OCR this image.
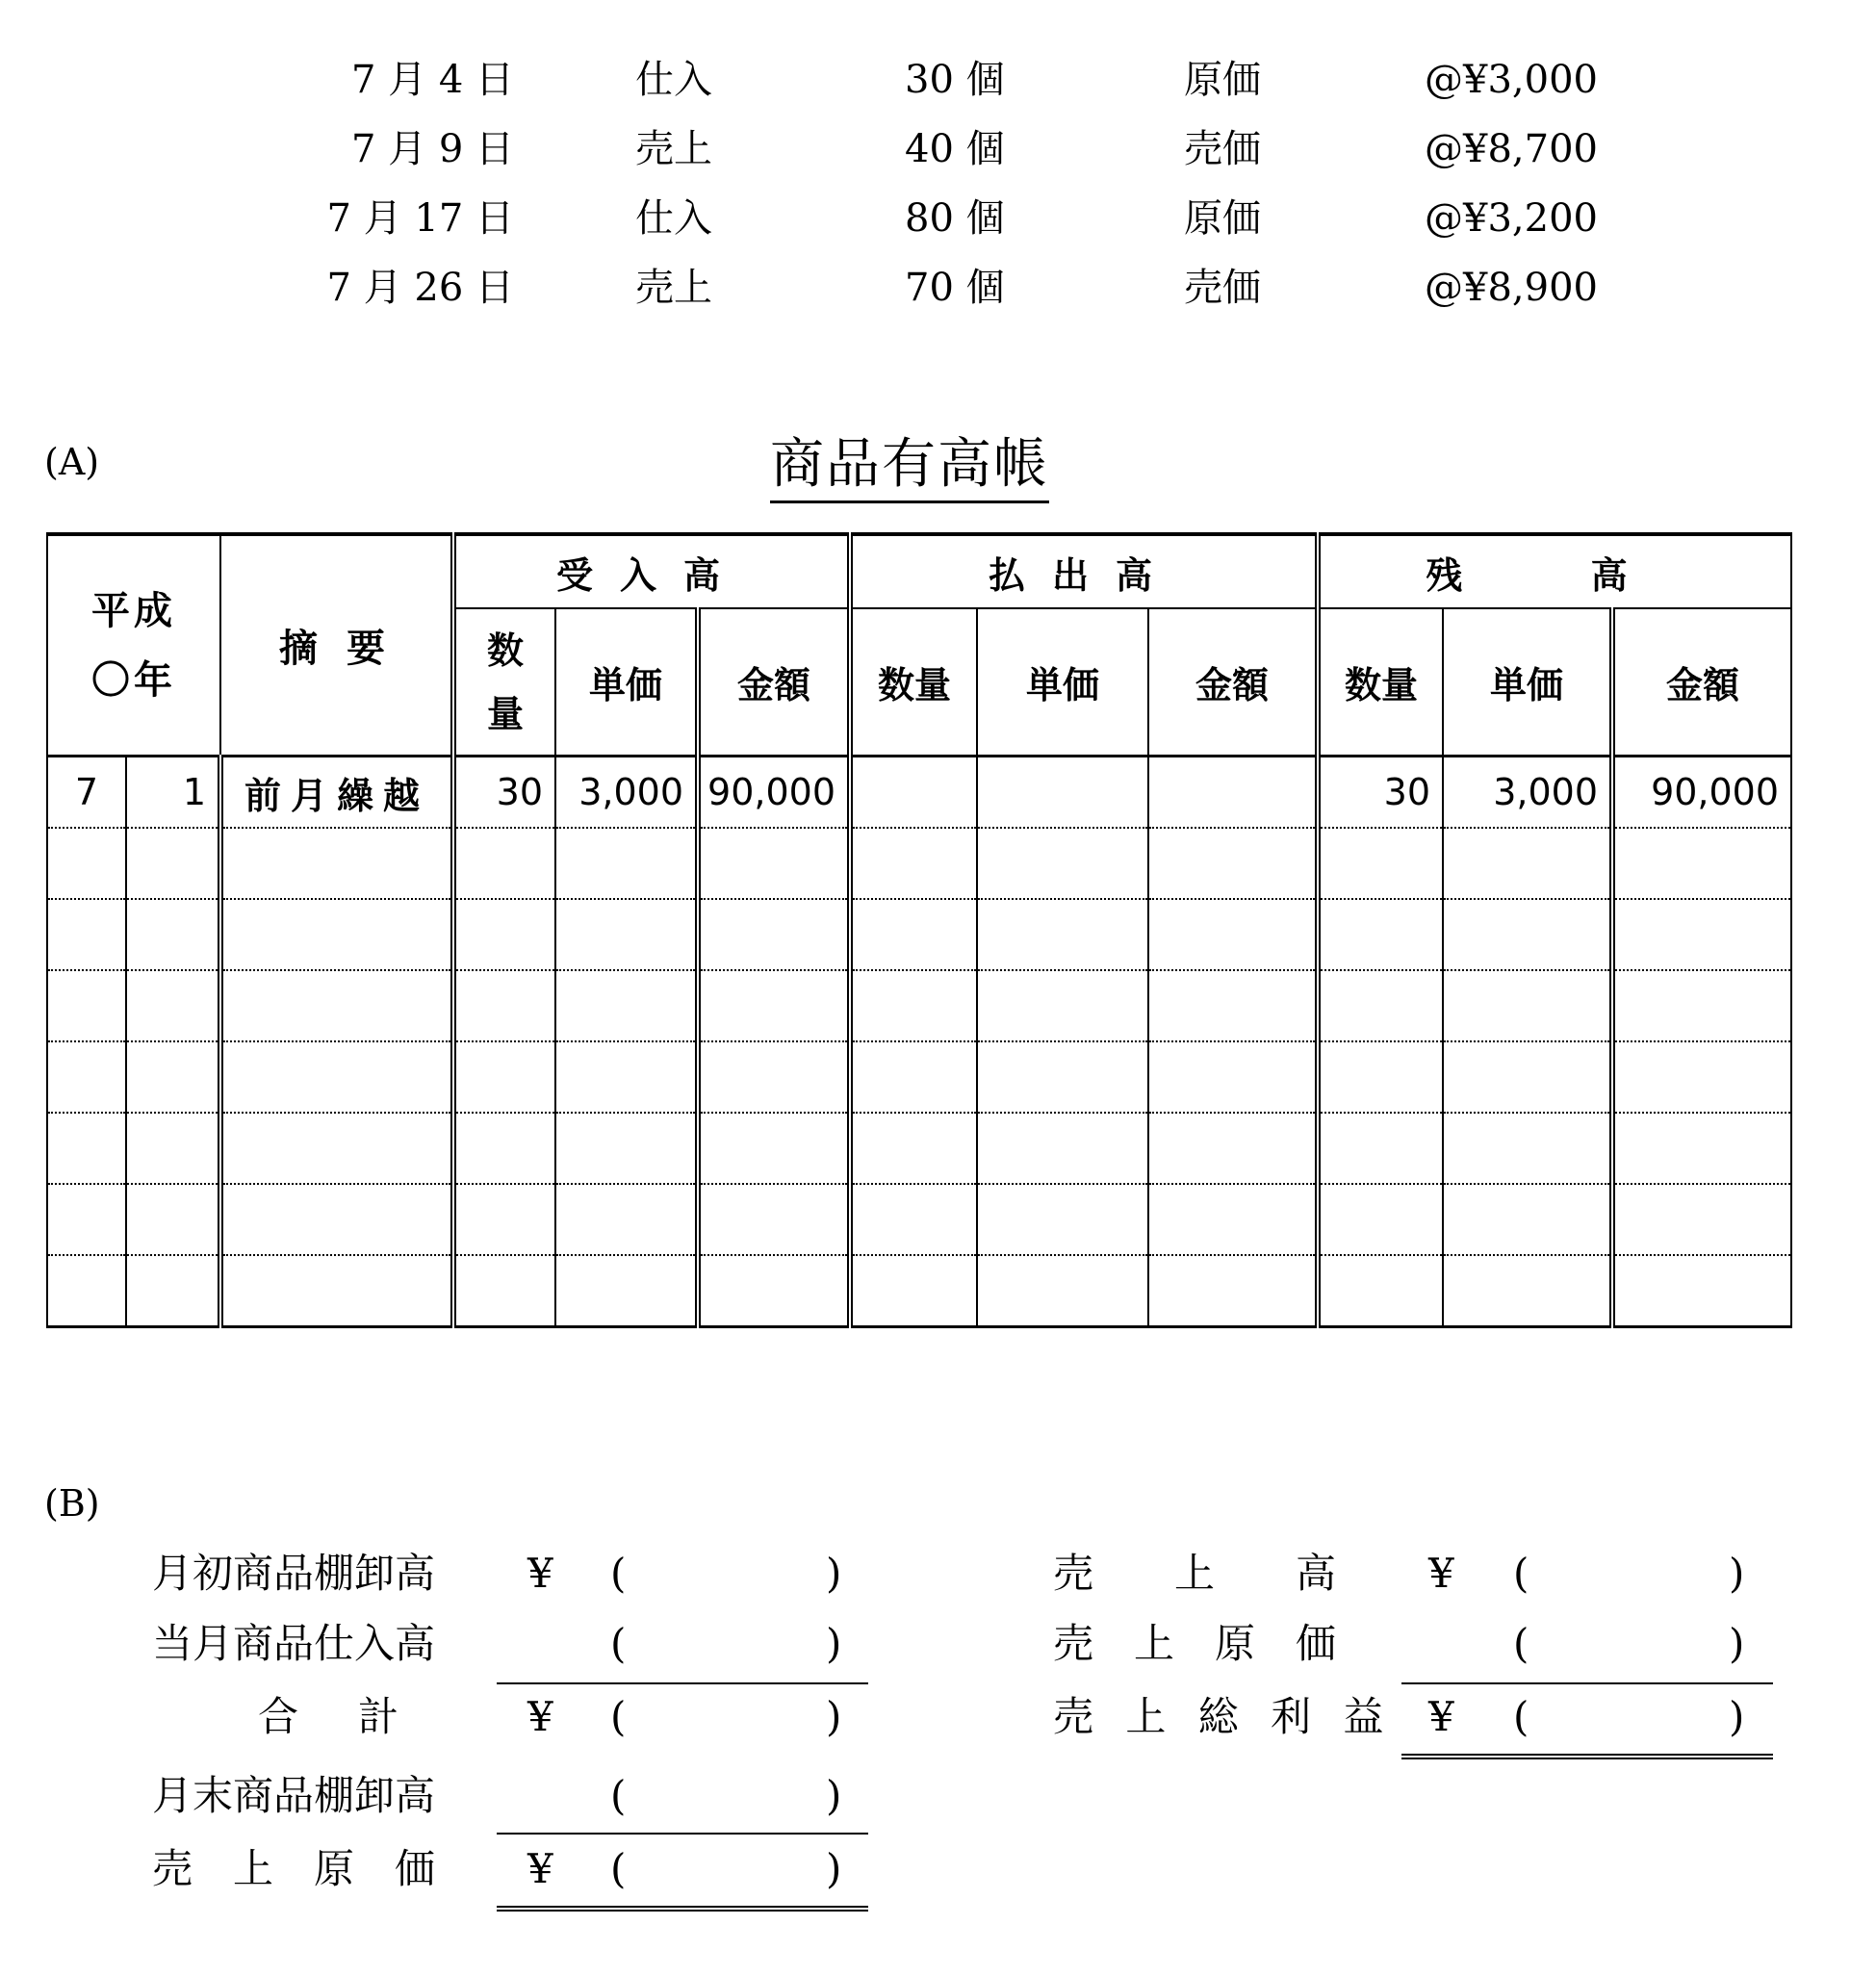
7 月 4 日	仕入	30 個	原価	@¥3,000
7 月 9 日	売上	40 個	売価	@¥8,700
7 月 17 日	仕入	80 個	原価	@¥3,200
7 月 26 日	売上	70 個	売価	@¥8,900
(A)	商品有高帳
平成
〇年		摘 要	受入高			払出高			残 高		
			数量	単価	金額	数量	単価	金額	数量	単価	金額
7	1	前月繰越	30	3,000	90,000				30	3,000	90,000

(B)
月初商品棚卸高 ¥ (	)
当月商品仕入高	(	)
合　計	¥ (	)
月末商品棚卸高	(	)
売　上　原　価 ¥ (	)
売　　上　　高 ¥ (	)
売　上　原　価	(	)
売 上 総 利 益 ¥ (	)
